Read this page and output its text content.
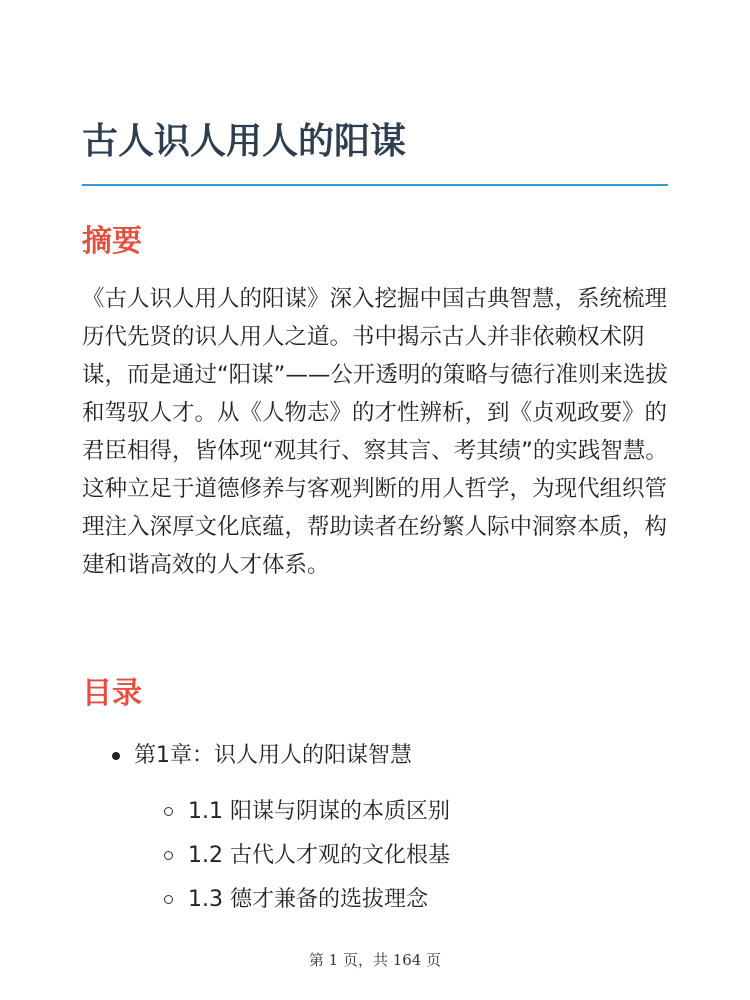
古人识人用人的阳谋
摘要

《古人识人用人的阳谋》深入挖掘中国古典智慧，系统梳理历代先贤的识人用人之道。书中揭示古人并非依赖权术阴谋，而是通过“阳谋”——公开透明的策略与德行准则来选拔和驾驭人才。从《人物志》的才性辨析，到《贞观政要》的君臣相得，皆体现“观其行、察其言、考其绩”的实践智慧。这种立足于道德修养与客观判断的用人哲学，为现代组织管理注入深厚文化底蕴，帮助读者在纷繁人际中洞察本质，构建和谐高效的人才体系。

目录
第1章：识人用人的阳谋智慧
1.1 阳谋与阴谋的本质区别
1.2 古代人才观的文化根基
1.3 德才兼备的选拔理念
第 1 页，共 164 页
